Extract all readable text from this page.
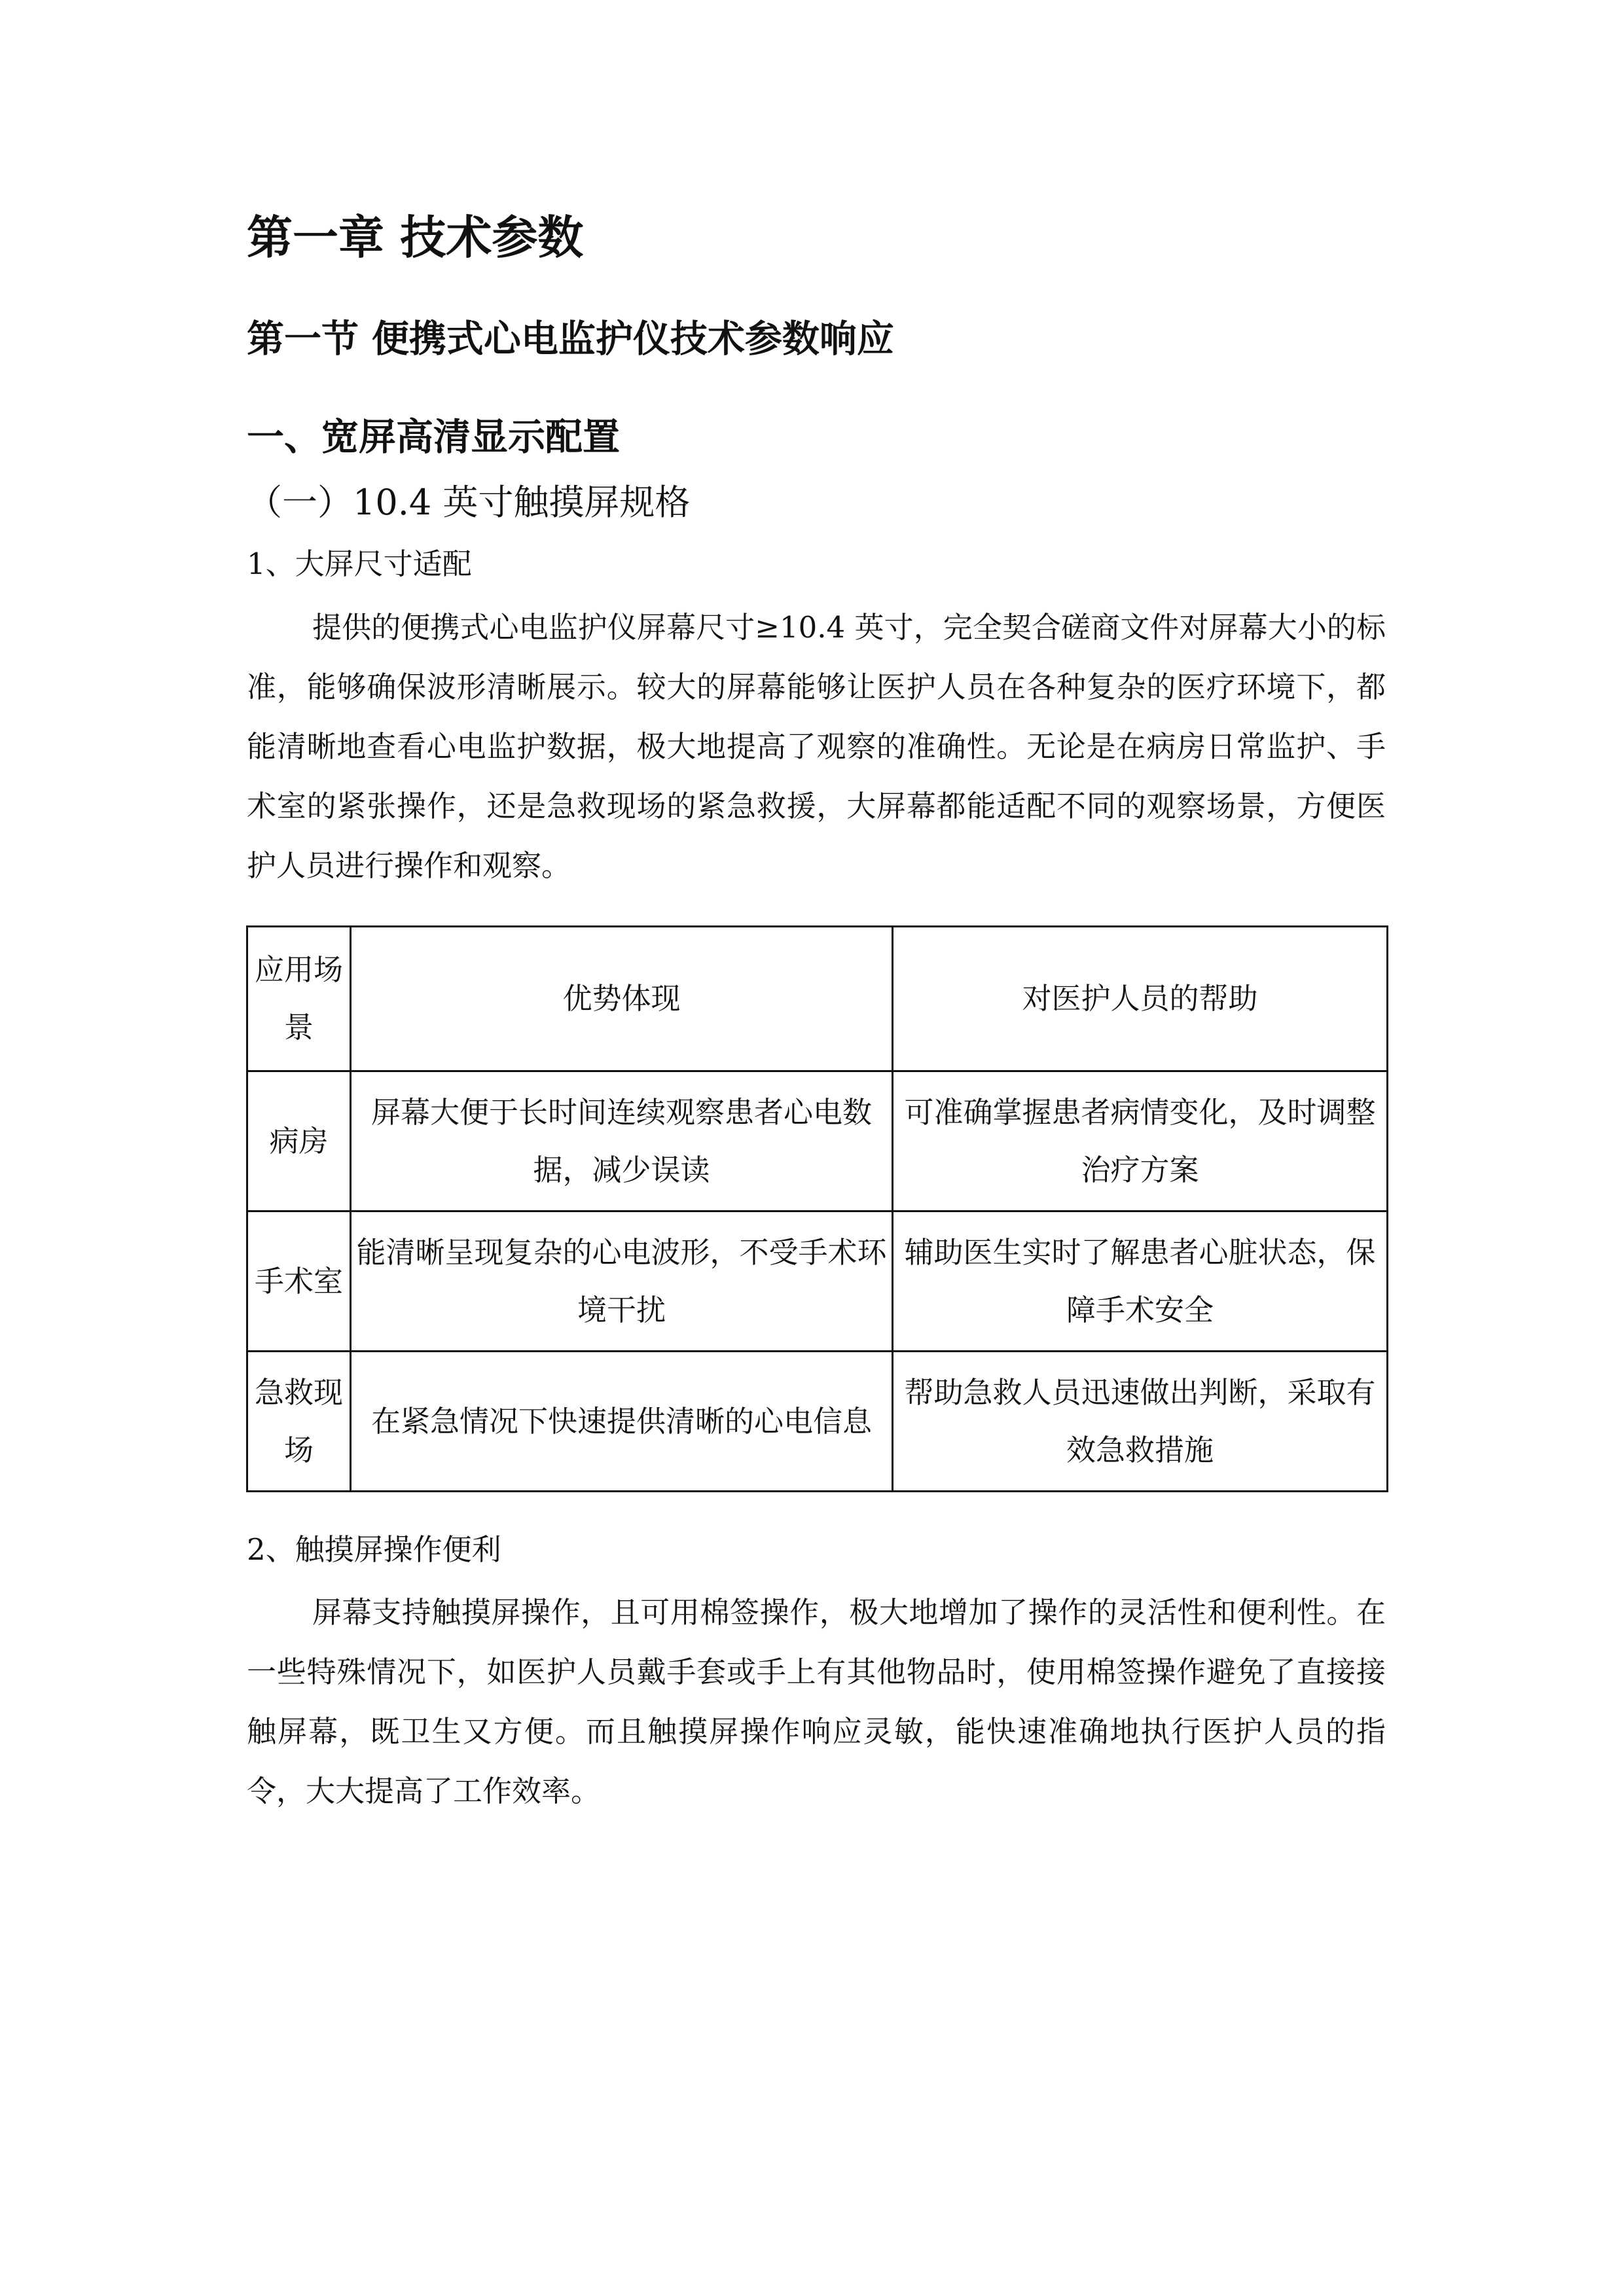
第一章 技术参数
第一节 便携式心电监护仪技术参数响应
一、宽屏高清显示配置
（一）10.4 英寸触摸屏规格
1、大屏尺寸适配

提供的便携式心电监护仪屏幕尺寸≥10.4 英寸，完全契合磋商文件对屏幕大小的标准，能够确保波形清晰展示。较大的屏幕能够让医护人员在各种复杂的医疗环境下，都能清晰地查看心电监护数据，极大地提高了观察的准确性。无论是在病房日常监护、手术室的紧张操作，还是急救现场的紧急救援，大屏幕都能适配不同的观察场景，方便医护人员进行操作和观察。

应用场景	优势体现	对医护人员的帮助
病房	屏幕大便于长时间连续观察患者心电数据，减少误读	可准确掌握患者病情变化，及时调整治疗方案
手术室	能清晰呈现复杂的心电波形，不受手术环境干扰	辅助医生实时了解患者心脏状态，保障手术安全
急救现场	在紧急情况下快速提供清晰的心电信息	帮助急救人员迅速做出判断，采取有效急救措施
2、触摸屏操作便利

屏幕支持触摸屏操作，且可用棉签操作，极大地增加了操作的灵活性和便利性。在一些特殊情况下，如医护人员戴手套或手上有其他物品时，使用棉签操作避免了直接接触屏幕，既卫生又方便。而且触摸屏操作响应灵敏，能快速准确地执行医护人员的指令，大大提高了工作效率。
